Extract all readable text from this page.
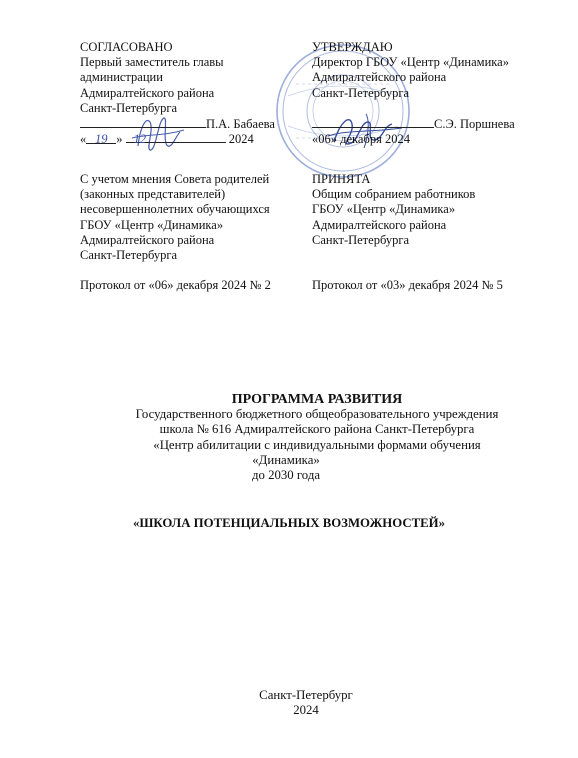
СОГЛАСОВАНО
Первый заместитель главы
администрации
Адмиралтейского района
Санкт-Петербурга
П.А. Бабаева
« 19 » 12	2024
УТВЕРЖДАЮ
Директор ГБОУ «Центр «Динамика»
Адмиралтейского района
Санкт-Петербурга
С.Э. Поршнева
«06» декабря 2024
С учетом мнения Совета родителей
(законных представителей)
несовершеннолетних обучающихся
ГБОУ «Центр «Динамика»
Адмиралтейского района
Санкт-Петербурга
Протокол от «06» декабря 2024 № 2
ПРИНЯТА
Общим собранием работников
ГБОУ «Центр «Динамика»
Адмиралтейского района
Санкт-Петербурга
Протокол от «03» декабря 2024 № 5
ПРОГРАММА РАЗВИТИЯ
Государственного бюджетного общеобразовательного учреждения
школа № 616 Адмиралтейского района Санкт-Петербурга
«Центр абилитации с индивидуальными формами обучения
«Динамика»
до 2030 года
«ШКОЛА ПОТЕНЦИАЛЬНЫХ ВОЗМОЖНОСТЕЙ»
Санкт-Петербург
2024
